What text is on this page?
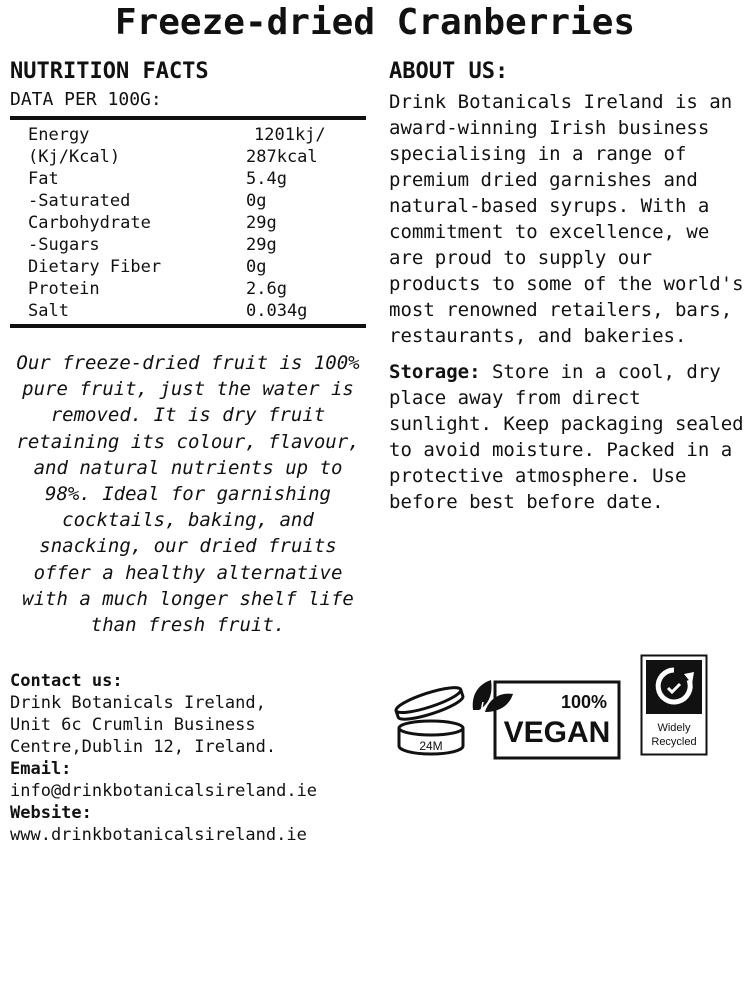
Freeze-dried Cranberries
NUTRITION FACTS
DATA PER 100G:
Energy	1201kj/
(Kj/Kcal)	287kcal
Fat	5.4g
-Saturated	0g
Carbohydrate	29g
-Sugars	29g
Dietary Fiber	0g
Protein	2.6g
Salt	0.034g
Our freeze-dried fruit is 100% pure fruit, just the water is removed. It is dry fruit retaining its colour, flavour, and natural nutrients up to 98%. Ideal for garnishing cocktails, baking, and snacking, our dried fruits offer a healthy alternative with a much longer shelf life than fresh fruit.
Contact us:
Drink Botanicals Ireland,
Unit 6c Crumlin Business
Centre,Dublin 12, Ireland.
Email:
info@drinkbotanicalsireland.ie
Website:
www.drinkbotanicalsireland.ie
ABOUT US:
Drink Botanicals Ireland is an award-winning Irish business specialising in a range of premium dried garnishes and natural-based syrups. With a commitment to excellence, we are proud to supply our products to some of the world's most renowned retailers, bars, restaurants, and bakeries.
Storage: Store in a cool, dry place away from direct sunlight. Keep packaging sealed to avoid moisture. Packed in a protective atmosphere. Use before best before date.
24M
100%
VEGAN	Widely
Recycled
